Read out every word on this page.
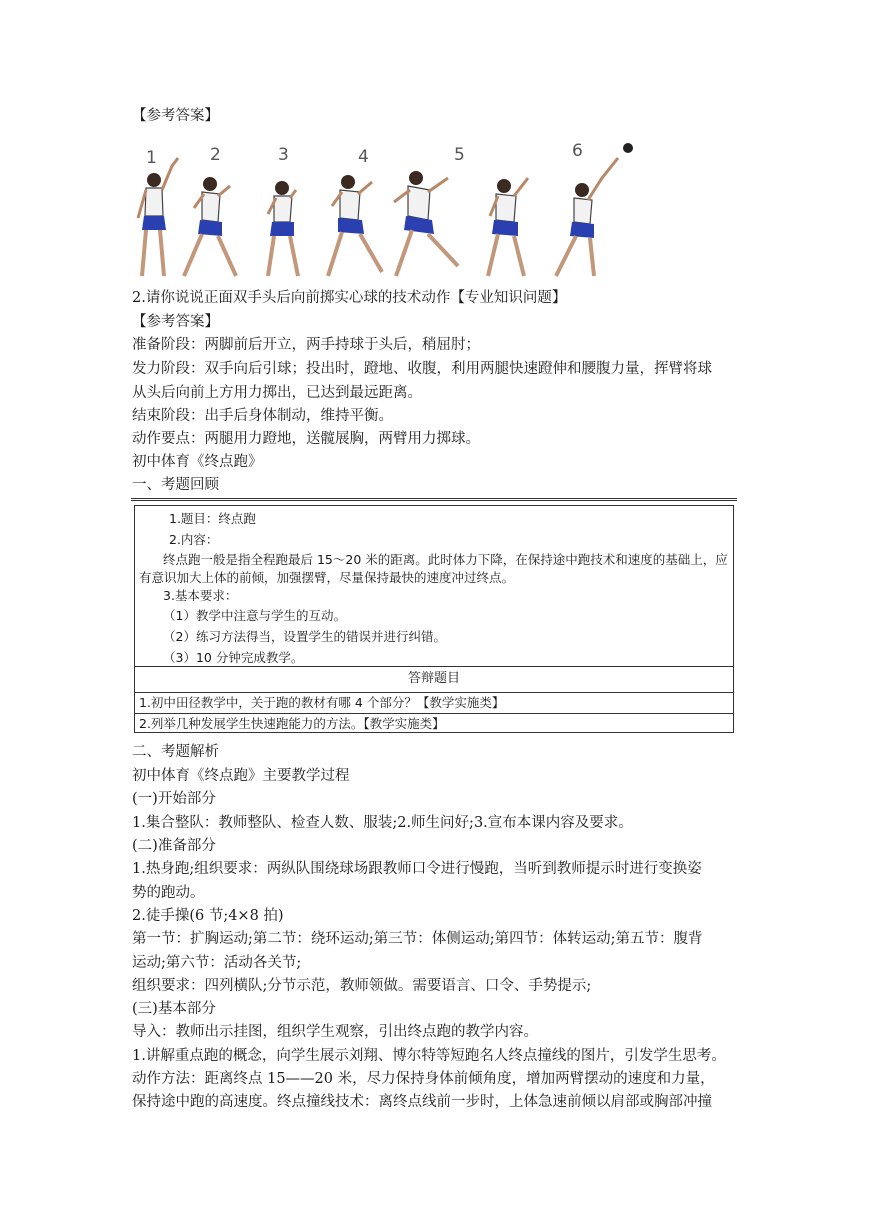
【参考答案】
1	2	3	4	5	6
2.请你说说正面双手头后向前掷实心球的技术动作【专业知识问题】
【参考答案】
准备阶段：两脚前后开立，两手持球于头后，稍屈肘；
发力阶段：双手向后引球；投出时，蹬地、收腹，利用两腿快速蹬伸和腰腹力量，挥臂将球
从头后向前上方用力掷出，已达到最远距离。
结束阶段：出手后身体制动，维持平衡。
动作要点：两腿用力蹬地，送髋展胸，两臂用力掷球。
初中体育《终点跑》
一、考题回顾
1.题目：终点跑
2.内容：
终点跑一般是指全程跑最后 15～20 米的距离。此时体力下降，在保持途中跑技术和速度的基础上，应
有意识加大上体的前倾，加强摆臂，尽量保持最快的速度冲过终点。
3.基本要求：
（1）教学中注意与学生的互动。
（2）练习方法得当，设置学生的错误并进行纠错。
（3）10 分钟完成教学。
答辩题目
1.初中田径教学中，关于跑的教材有哪 4 个部分？【教学实施类】
2.列举几种发展学生快速跑能力的方法。【教学实施类】
二、考题解析
初中体育《终点跑》主要教学过程
(一)开始部分
1.集合整队：教师整队、检查人数、服装;2.师生问好;3.宣布本课内容及要求。
(二)准备部分
1.热身跑;组织要求：两纵队围绕球场跟教师口令进行慢跑，当听到教师提示时进行变换姿
势的跑动。
2.徒手操(6 节;4×8 拍)
第一节：扩胸运动;第二节：绕环运动;第三节：体侧运动;第四节：体转运动;第五节：腹背
运动;第六节：活动各关节;
组织要求：四列横队;分节示范，教师领做。需要语言、口令、手势提示;
(三)基本部分
导入：教师出示挂图，组织学生观察，引出终点跑的教学内容。
1.讲解重点跑的概念，向学生展示刘翔、博尔特等短跑名人终点撞线的图片，引发学生思考。
动作方法：距离终点 15——20 米，尽力保持身体前倾角度，增加两臂摆动的速度和力量，
保持途中跑的高速度。终点撞线技术：离终点线前一步时，上体急速前倾以肩部或胸部冲撞
